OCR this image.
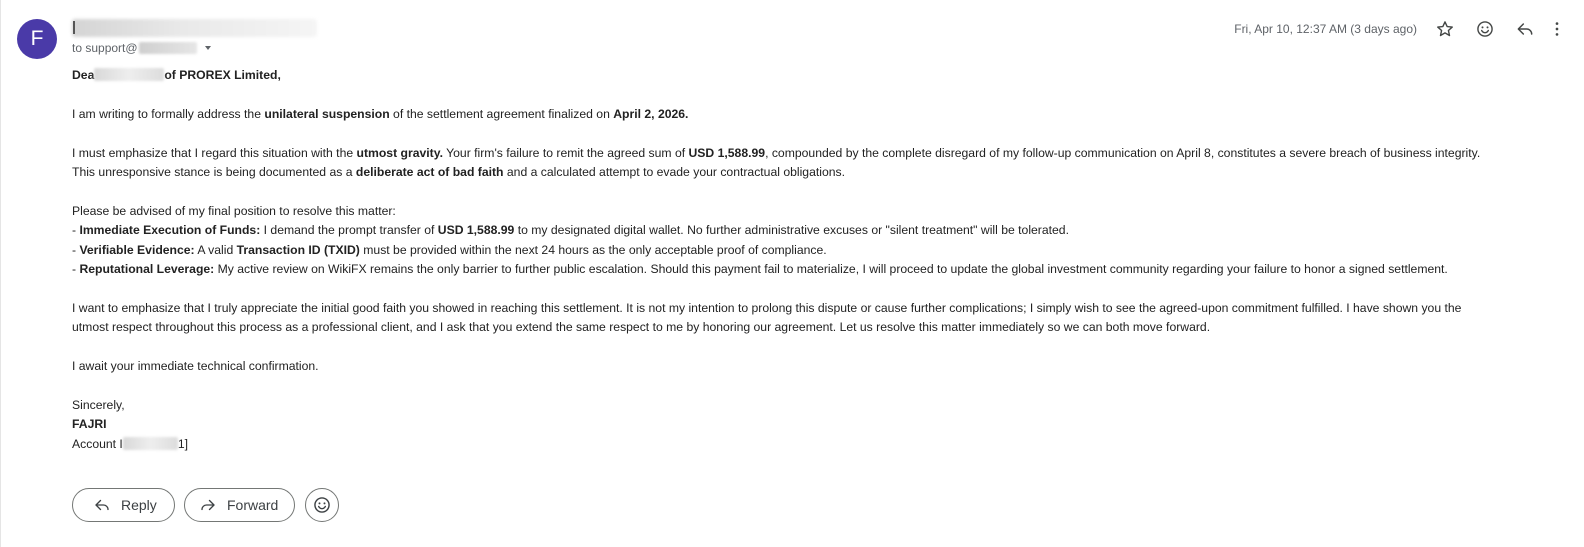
F	to support@
Fri, Apr 10, 12:37 AM (3 days ago)

Dea	of PROREX Limited,

I am writing to formally address the unilateral suspension of the settlement agreement finalized on April 2, 2026.

I must emphasize that I regard this situation with the utmost gravity. Your firm's failure to remit the agreed sum of USD 1,588.99, compounded by the complete disregard of my follow-up communication on April 8, constitutes a severe breach of business integrity.

This unresponsive stance is being documented as a deliberate act of bad faith and a calculated attempt to evade your contractual obligations.

Please be advised of my final position to resolve this matter:

- Immediate Execution of Funds: I demand the prompt transfer of USD 1,588.99 to my designated digital wallet. No further administrative excuses or "silent treatment" will be tolerated.

- Verifiable Evidence: A valid Transaction ID (TXID) must be provided within the next 24 hours as the only acceptable proof of compliance.

- Reputational Leverage: My active review on WikiFX remains the only barrier to further public escalation. Should this payment fail to materialize, I will proceed to update the global investment community regarding your failure to honor a signed settlement.

I want to emphasize that I truly appreciate the initial good faith you showed in reaching this settlement. It is not my intention to prolong this dispute or cause further complications; I simply wish to see the agreed-upon commitment fulfilled. I have shown you the

utmost respect throughout this process as a professional client, and I ask that you extend the same respect to me by honoring our agreement. Let us resolve this matter immediately so we can both move forward.

I await your immediate technical confirmation.

Sincerely,

FAJRI

Account I	1]

Reply	Forward
